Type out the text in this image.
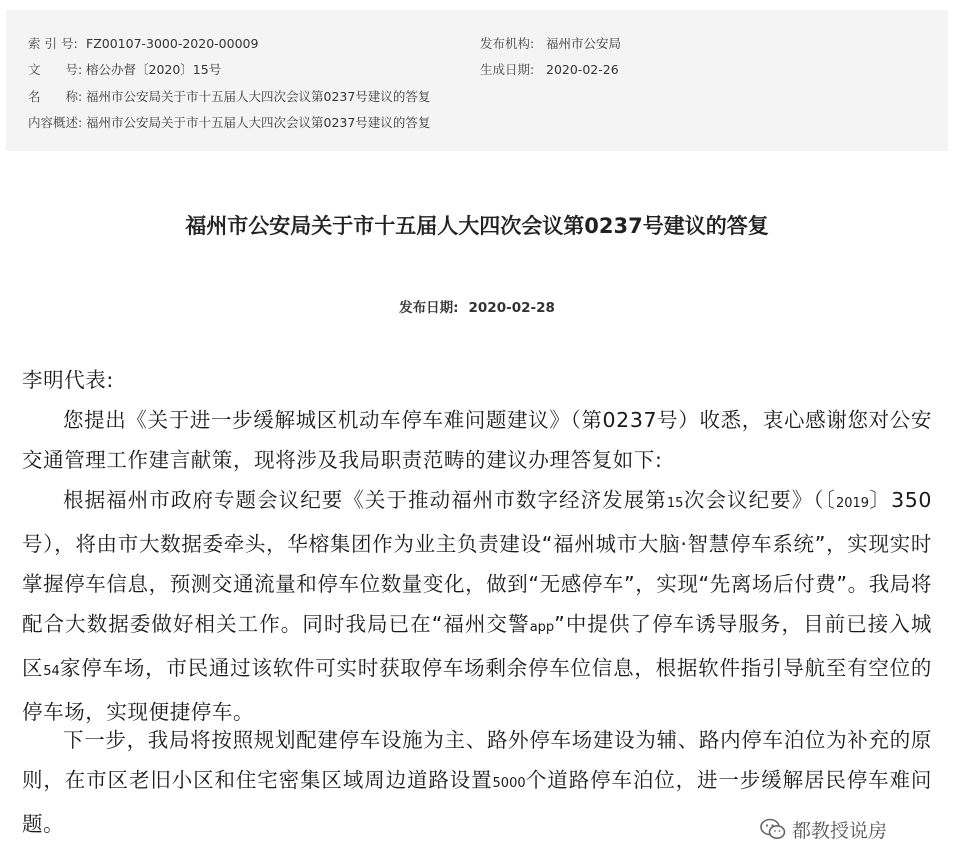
索 引 号: FZ00107-3000-2020-00009
文　　号: 榕公办督〔2020〕15号
名　　称: 福州市公安局关于市十五届人大四次会议第0237号建议的答复
内容概述: 福州市公安局关于市十五届人大四次会议第0237号建议的答复
发布机构: 福州市公安局
生成日期: 2020-02-26
福州市公安局关于市十五届人大四次会议第0237号建议的答复
发布日期: 2020-02-28
李明代表:
您提出《关于进一步缓解城区机动车停车难问题建议》（第0237号）收悉，衷心感谢您对公安交通管理工作建言献策，现将涉及我局职责范畴的建议办理答复如下:
根据福州市政府专题会议纪要《关于推动福州市数字经济发展第15次会议纪要》（〔2019〕350号），将由市大数据委牵头，华榕集团作为业主负责建设“福州城市大脑·智慧停车系统”，实现实时掌握停车信息，预测交通流量和停车位数量变化，做到“无感停车”，实现“先离场后付费”。我局将配合大数据委做好相关工作。同时我局已在“福州交警app”中提供了停车诱导服务，目前已接入城区54家停车场，市民通过该软件可实时获取停车场剩余停车位信息，根据软件指引导航至有空位的停车场，实现便捷停车。
下一步，我局将按照规划配建停车设施为主、路外停车场建设为辅、路内停车泊位为补充的原则，在市区老旧小区和住宅密集区域周边道路设置5000个道路停车泊位，进一步缓解居民停车难问题。	都教授说房
